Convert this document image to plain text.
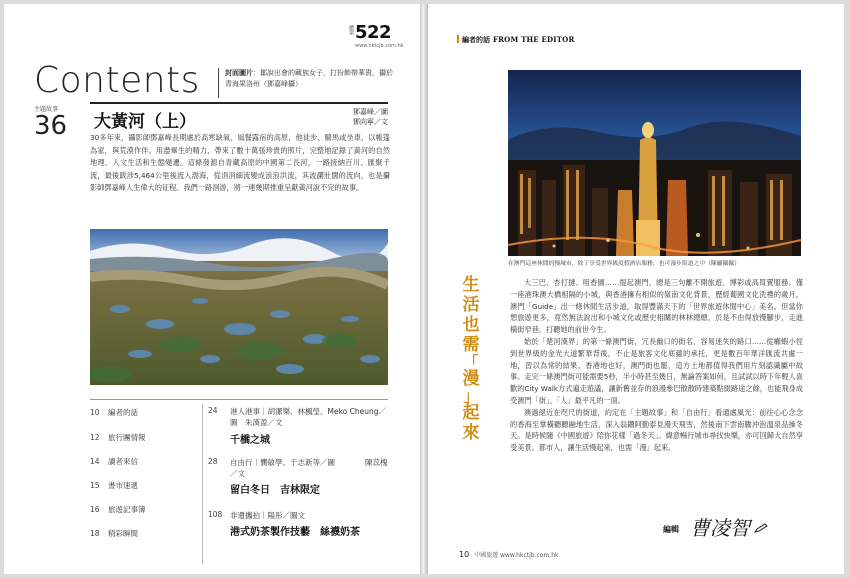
總第 522
www.hktcjb.com.hk
Contents	封面圖片：鄒說出會的藏族女子，打扮飾帶華貴，攝於青海果洛州（鄧嘉峰攝）
主題故事
36 大黃河（上）	鄧嘉峰／圖
鄧向寧／文
30多年來，攝影師鄧嘉峰長期處於高寒缺氧、風餐露宿的高原，他徒步、騎馬或坐車，以帳篷為家，與荒漠作伴。用盡畢生的精力，帶來了數十萬張珍貴的照片，完整地記錄了黃河的自然地理、人文生活和生態變遷。這條發源自青藏高原的中國第二長河，一路接納百川、匯聚千流，最後跋涉5,464公里後流入渤海，從涓涓細流變成浪浪洪流，其波瀾壯闊的流向，也是攝影師鄧嘉峰人生偉大的征程。我們一路洄游，將一連幾期推重呈獻黃河說不完的故事。
10 編者的話
12 旅行團情報
14 讀者來信
15 書市速遞
16 旅遊記事簿
18 精彩瞬間
24 港人港事｜胡潔樂、林楓瑩、Meko Cheung／圖　朱漢盈／文
千橋之城
28 自由行｜龔敏學、于志新等／圖　　　　陳苡槐／文
留白冬日　吉林限定
108 非遺攜拍｜陽彤／圖文
港式奶茶製作技藝　絲襪奶茶
編者的話 FROM THE EDITOR
在澳門這座休閒的慢城市，除了享受世界級度假酒店服務，也可漫步街道之中（陳顯攝攝）
生
活
也
需
「
漫
」
起
來

大三巴、杏打撻、咀香園……提起澳門，總是三句離不開旅遊、博彩或高買賣服務。僅一座港珠澳大橋相隔的小城，與香港擁有相似的嶺南文化背景，歷經葡國文化洗禮的歲月，澳門「Guide」出一條休閒生活步道，取得豐滿天下的「世界旅遊休閒中心」美名。但當你想旅遊更多，竟然無法說出和小城文化或歷史相關的林林總總，於是不由得放慢腳步，走進橫街窄巷，打聽她的前世今生。

始於「楚河漢界」的第一條澳門街，冗長幽口的街名，容易迷失的路口……從癩蝦小徑到世界級的金光大道繁華背後，不止是旅客文化底蘊的承托，更是數百年華洋匯流共處一地，習以為常的結果。香港地也好，澳門街也罷，這方土地都值得我們用片刻認識屬中故事。走完一條澳門街可能需要5秒，半小時甚至幾日，無論答案如何，且試試以時下年輕人喜歡的City Walk方式遍走遊議，讓新舊並存的浪漫參巴散散時建築點綴路途之餘，也能飛身成受澳門「街」、「人」最平凡的一面。

澳過絕近在咫尺的街道，約定在「主題故事」和「自由行」看通處風光：前往心心念念的香海至掌橫聽聽融地生活，深入翁鑽阿勤泰見漫天飛雪，然後南下雲南騰沖泡溫泉品操冬天。是時候隨《中國旅遊》陪你花樣「過冬天」。緯意暢行城市尋找快樂，亦可回歸大自然享受美景。都市人，讓生活慢起來，也需「漫」起來。

編輯 曹凌智
10 中國旅遊 www.hkctjb.com.hk
